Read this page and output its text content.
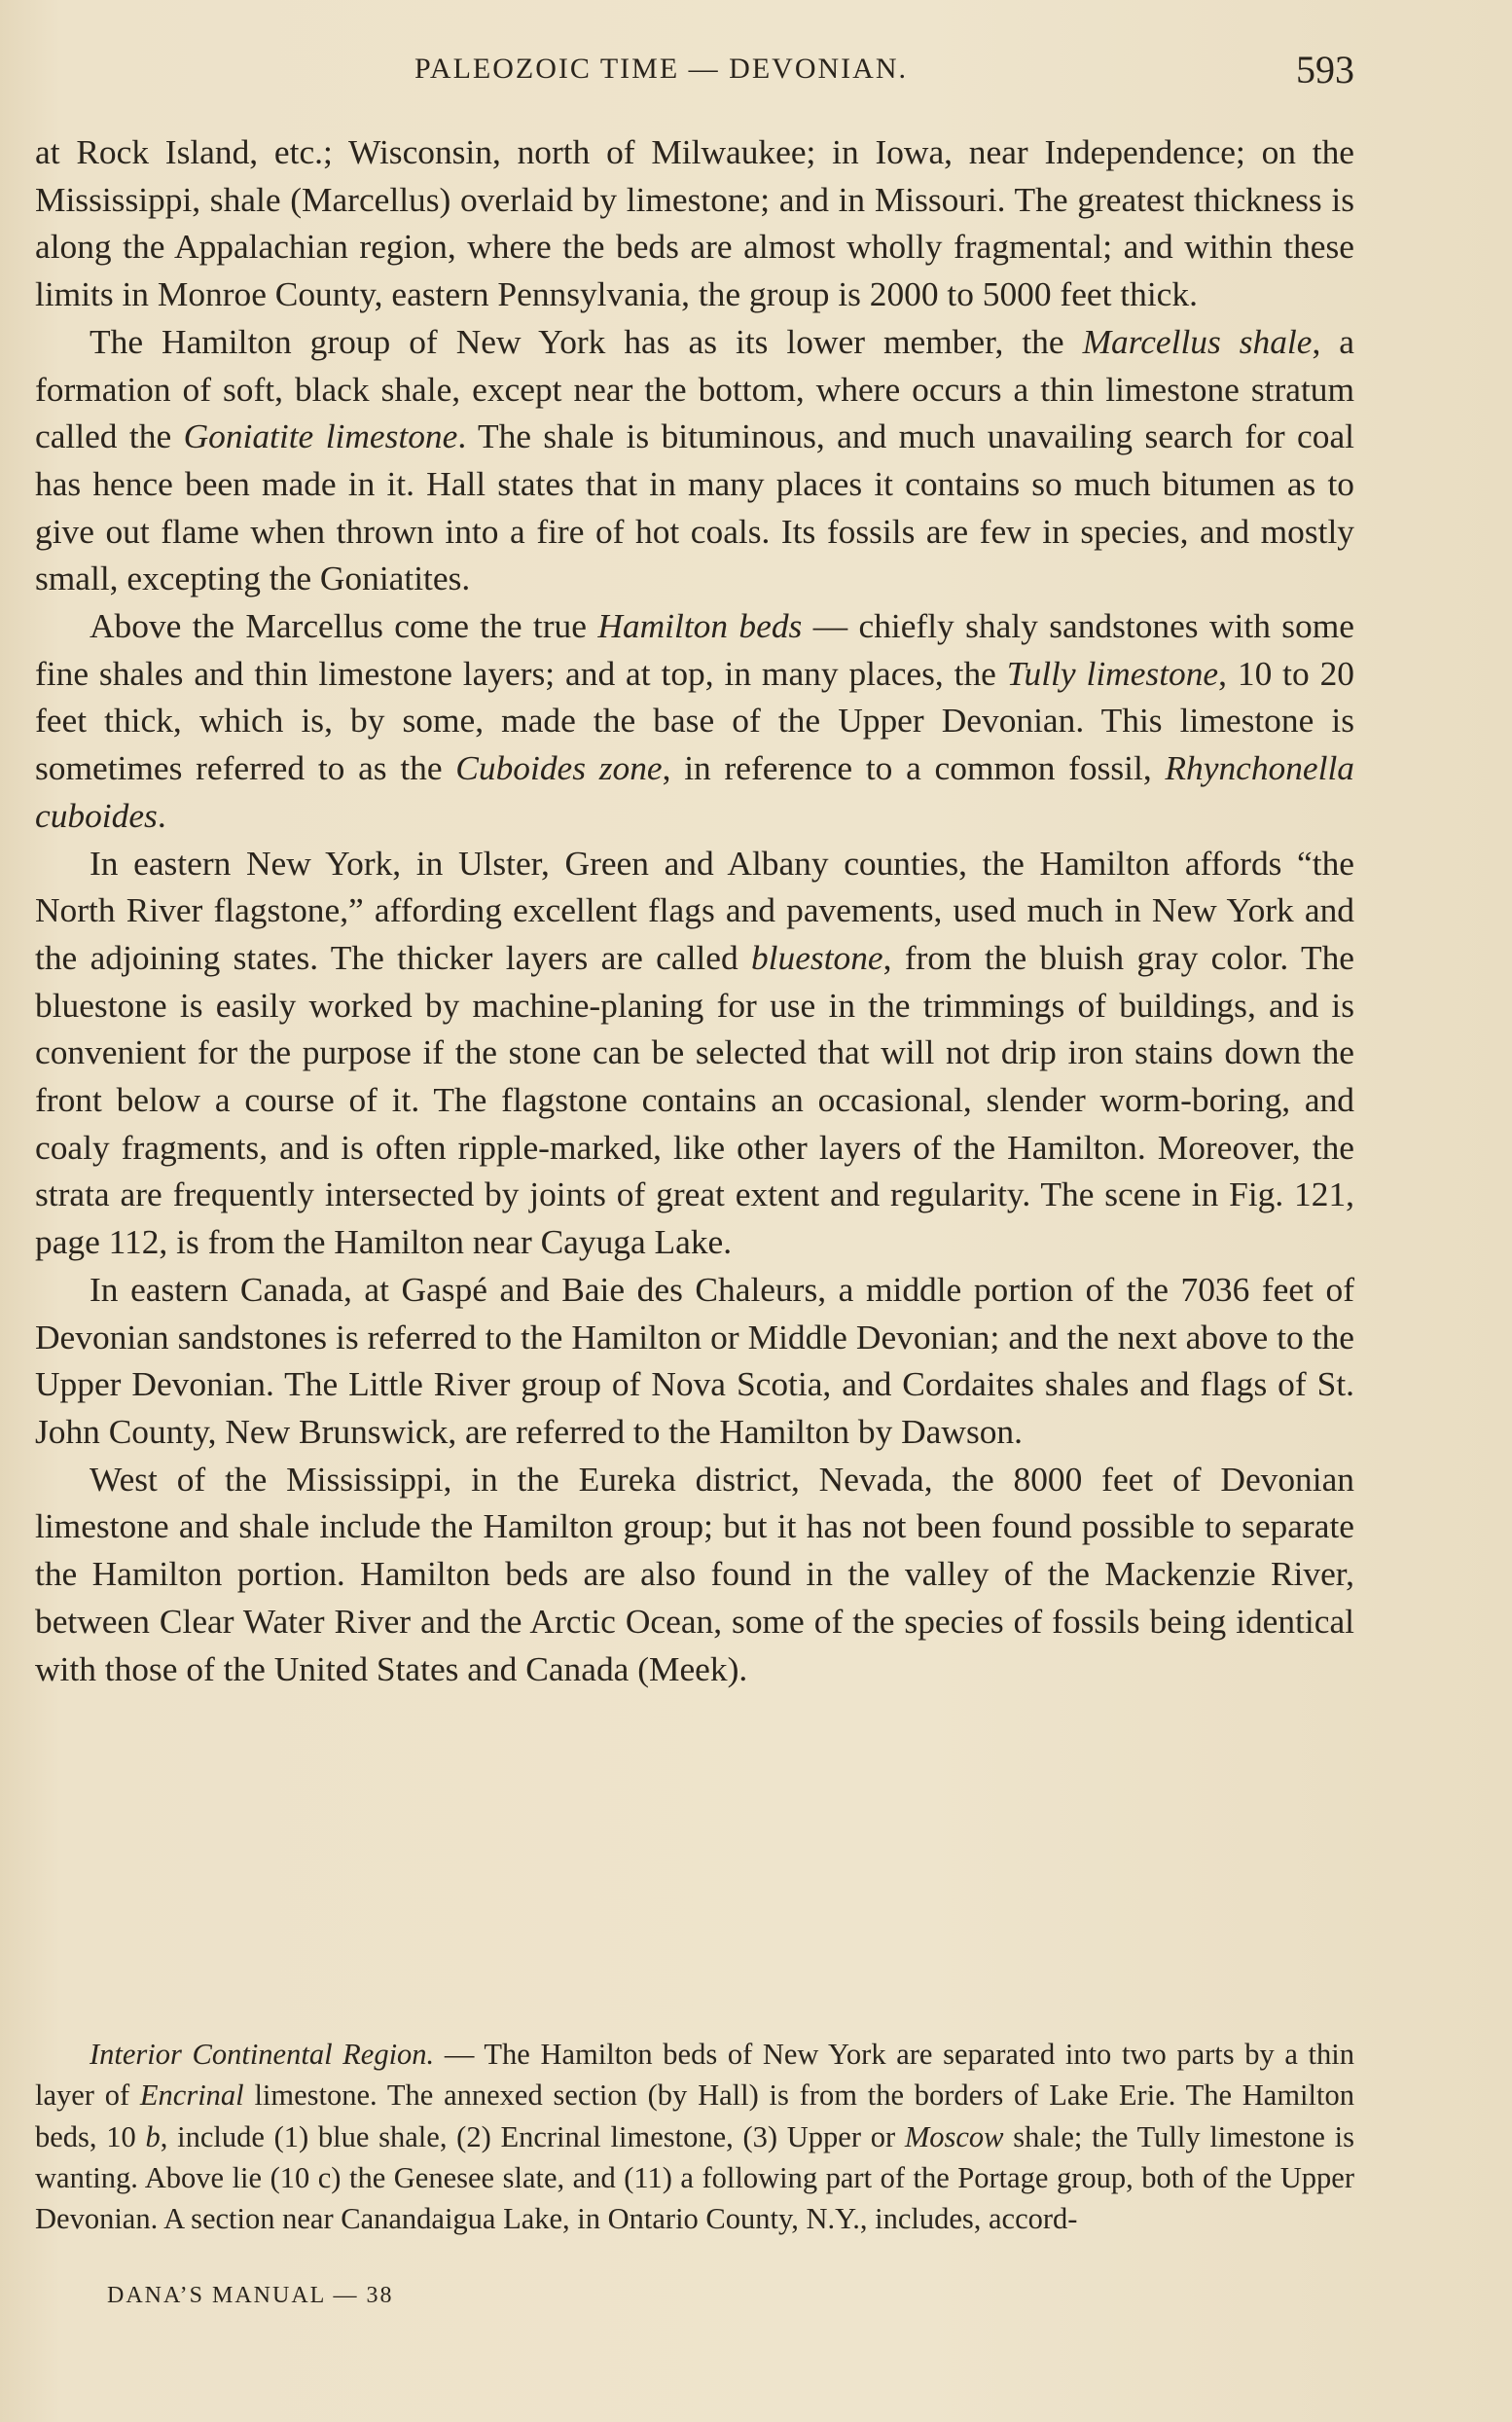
PALEOZOIC TIME — DEVONIAN.	593

at Rock Island, etc.; Wisconsin, north of Milwaukee; in Iowa, near Independence; on the Mississippi, shale (Marcellus) overlaid by limestone; and in Missouri. The greatest thickness is along the Appalachian region, where the beds are almost wholly fragmental; and within these limits in Monroe County, eastern Pennsylvania, the group is 2000 to 5000 feet thick.

The Hamilton group of New York has as its lower member, the Marcellus shale, a formation of soft, black shale, except near the bottom, where occurs a thin limestone stratum called the Goniatite limestone. The shale is bituminous, and much unavailing search for coal has hence been made in it. Hall states that in many places it contains so much bitumen as to give out flame when thrown into a fire of hot coals. Its fossils are few in species, and mostly small, excepting the Goniatites.

Above the Marcellus come the true Hamilton beds — chiefly shaly sandstones with some fine shales and thin limestone layers; and at top, in many places, the Tully limestone, 10 to 20 feet thick, which is, by some, made the base of the Upper Devonian. This limestone is sometimes referred to as the Cuboides zone, in reference to a common fossil, Rhynchonella cuboides.

In eastern New York, in Ulster, Green and Albany counties, the Hamilton affords “the North River flagstone,” affording excellent flags and pavements, used much in New York and the adjoining states. The thicker layers are called bluestone, from the bluish gray color. The bluestone is easily worked by machine-planing for use in the trimmings of buildings, and is convenient for the purpose if the stone can be selected that will not drip iron stains down the front below a course of it. The flagstone contains an occasional, slender worm-boring, and coaly fragments, and is often ripple-marked, like other layers of the Hamilton. Moreover, the strata are frequently intersected by joints of great extent and regularity. The scene in Fig. 121, page 112, is from the Hamilton near Cayuga Lake.

In eastern Canada, at Gaspé and Baie des Chaleurs, a middle portion of the 7036 feet of Devonian sandstones is referred to the Hamilton or Middle Devonian; and the next above to the Upper Devonian. The Little River group of Nova Scotia, and Cordaites shales and flags of St. John County, New Brunswick, are referred to the Hamilton by Dawson.

West of the Mississippi, in the Eureka district, Nevada, the 8000 feet of Devonian limestone and shale include the Hamilton group; but it has not been found possible to separate the Hamilton portion. Hamilton beds are also found in the valley of the Mackenzie River, between Clear Water River and the Arctic Ocean, some of the species of fossils being identical with those of the United States and Canada (Meek).

Interior Continental Region. — The Hamilton beds of New York are separated into two parts by a thin layer of Encrinal limestone. The annexed section (by Hall) is from the borders of Lake Erie. The Hamilton beds, 10 b, include (1) blue shale, (2) Encrinal limestone, (3) Upper or Moscow shale; the Tully limestone is wanting. Above lie (10 c) the Genesee slate, and (11) a following part of the Portage group, both of the Upper Devonian. A section near Canandaigua Lake, in Ontario County, N.Y., includes, accord-

DANA’S MANUAL — 38
